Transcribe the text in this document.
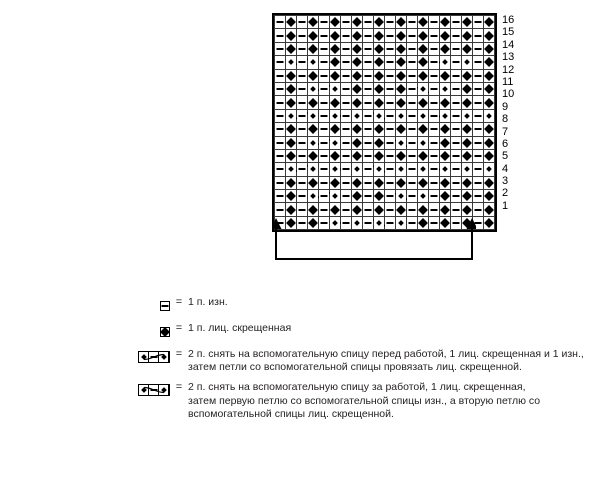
16
15
14
13
12
11
10
9
8
7
6
5
4
3
2
1
= 1 п. изн.
= 1 п. лиц. скрещенная
= 2 п. снять на вспомогательную спицу перед работой, 1 лиц. скрещенная и 1 изн.,
затем петли со вспомогательной спицы провязать лиц. скрещенной.
= 2 п. снять на вспомогательную спицу за работой, 1 лиц. скрещенная,
затем первую петлю со вспомогательной спицы изн., а вторую петлю со
вспомогательной спицы лиц. скрещенной.
